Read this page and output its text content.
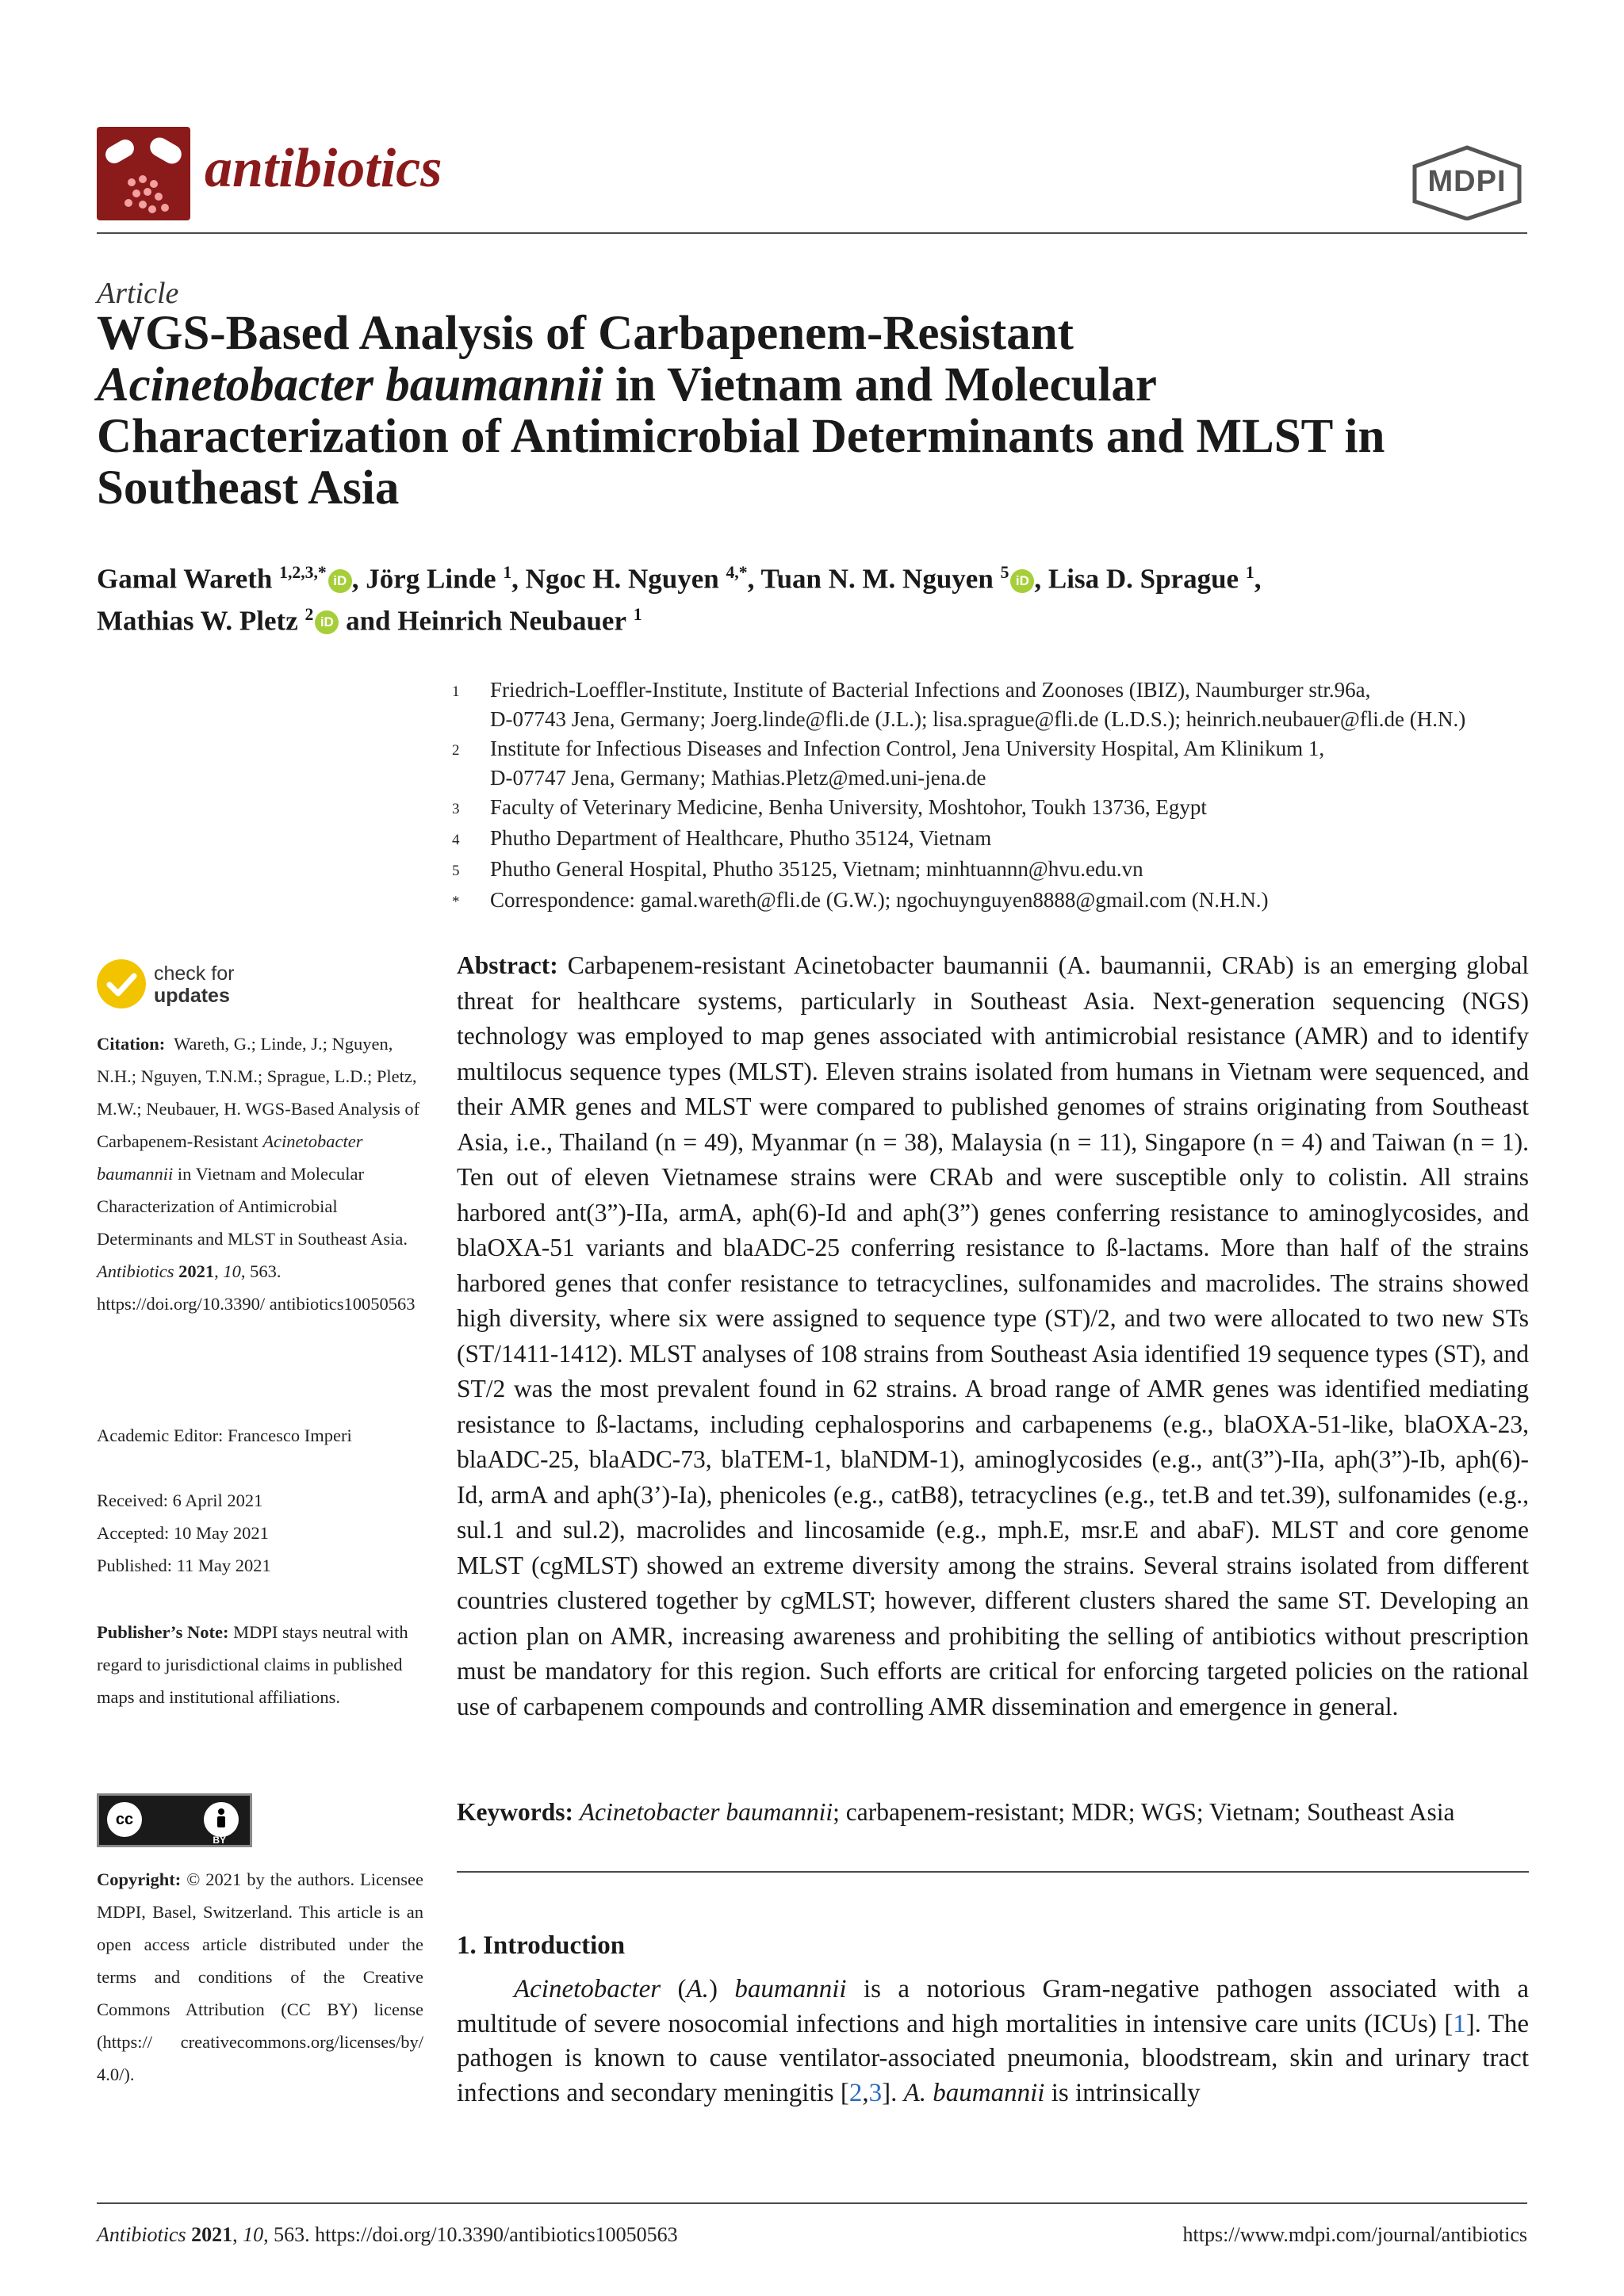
antibiotics	MDPI
Article
WGS-Based Analysis of Carbapenem-Resistant
Acinetobacter baumannii in Vietnam and Molecular
Characterization of Antimicrobial Determinants and MLST in
Southeast Asia
Gamal Wareth $^{1,2,3,*}$ iD , Jörg Linde $^1$, Ngoc H. Nguyen $^{4,*}$, Tuan N. M. Nguyen $^5$ iD , Lisa D. Sprague $^1$,
Mathias W. Pletz $^2$ iD and Heinrich Neubauer $^1$
1	Friedrich-Loeffler-Institute, Institute of Bacterial Infections and Zoonoses (IBIZ), Naumburger str.96a,
D-07743 Jena, Germany; Joerg.linde@fli.de (J.L.); lisa.sprague@fli.de (L.D.S.); heinrich.neubauer@fli.de (H.N.)
2	Institute for Infectious Diseases and Infection Control, Jena University Hospital, Am Klinikum 1,
D-07747 Jena, Germany; Mathias.Pletz@med.uni-jena.de
3	Faculty of Veterinary Medicine, Benha University, Moshtohor, Toukh 13736, Egypt
4	Phutho Department of Healthcare, Phutho 35124, Vietnam
5	Phutho General Hospital, Phutho 35125, Vietnam; minhtuannn@hvu.edu.vn
*	Correspondence: gamal.wareth@fli.de (G.W.); ngochuynguyen8888@gmail.com (N.H.N.)
check for
updates
Citation: Wareth, G.; Linde, J.; Nguyen, N.H.; Nguyen, T.N.M.; Sprague, L.D.; Pletz, M.W.; Neubauer, H. WGS-Based Analysis of Carbapenem-Resistant Acinetobacter baumannii in Vietnam and Molecular Characterization of Antimicrobial Determinants and MLST in Southeast Asia. Antibiotics 2021, 10, 563. https://doi.org/10.3390/ antibiotics10050563
Academic Editor: Francesco Imperi
Received: 6 April 2021
Accepted: 10 May 2021
Published: 11 May 2021
Publisher’s Note: MDPI stays neutral with regard to jurisdictional claims in published maps and institutional affiliations.
cc
BY
Copyright: © 2021 by the authors. Licensee MDPI, Basel, Switzerland. This article is an open access article distributed under the terms and conditions of the Creative Commons Attribution (CC BY) license (https:// creativecommons.org/licenses/by/ 4.0/).
Abstract: Carbapenem-resistant Acinetobacter baumannii (A. baumannii, CRAb) is an emerging global threat for healthcare systems, particularly in Southeast Asia. Next-generation sequencing (NGS) technology was employed to map genes associated with antimicrobial resistance (AMR) and to identify multilocus sequence types (MLST). Eleven strains isolated from humans in Vietnam were sequenced, and their AMR genes and MLST were compared to published genomes of strains originating from Southeast Asia, i.e., Thailand (n = 49), Myanmar (n = 38), Malaysia (n = 11), Singapore (n = 4) and Taiwan (n = 1). Ten out of eleven Vietnamese strains were CRAb and were susceptible only to colistin. All strains harbored ant(3”)-IIa, armA, aph(6)-Id and aph(3”) genes conferring resistance to aminoglycosides, and blaOXA-51 variants and blaADC-25 conferring resistance to ß-lactams. More than half of the strains harbored genes that confer resistance to tetracyclines, sulfonamides and macrolides. The strains showed high diversity, where six were assigned to sequence type (ST)/2, and two were allocated to two new STs (ST/1411-1412). MLST analyses of 108 strains from Southeast Asia identified 19 sequence types (ST), and ST/2 was the most prevalent found in 62 strains. A broad range of AMR genes was identified mediating resistance to ß-lactams, including cephalosporins and carbapenems (e.g., blaOXA-51-like, blaOXA-23, blaADC-25, blaADC-73, blaTEM-1, blaNDM-1), aminoglycosides (e.g., ant(3”)-IIa, aph(3”)-Ib, aph(6)-Id, armA and aph(3’)-Ia), phenicoles (e.g., catB8), tetracyclines (e.g., tet.B and tet.39), sulfonamides (e.g., sul.1 and sul.2), macrolides and lincosamide (e.g., mph.E, msr.E and abaF). MLST and core genome MLST (cgMLST) showed an extreme diversity among the strains. Several strains isolated from different countries clustered together by cgMLST; however, different clusters shared the same ST. Developing an action plan on AMR, increasing awareness and prohibiting the selling of antibiotics without prescription must be mandatory for this region. Such efforts are critical for enforcing targeted policies on the rational use of carbapenem compounds and controlling AMR dissemination and emergence in general.
Keywords: Acinetobacter baumannii; carbapenem-resistant; MDR; WGS; Vietnam; Southeast Asia
1. Introduction

Acinetobacter (A.) baumannii is a notorious Gram-negative pathogen associated with a multitude of severe nosocomial infections and high mortalities in intensive care units (ICUs) [1]. The pathogen is known to cause ventilator-associated pneumonia, bloodstream, skin and urinary tract infections and secondary meningitis [2,3]. A. baumannii is intrinsically

Antibiotics 2021, 10, 563. https://doi.org/10.3390/antibiotics10050563	https://www.mdpi.com/journal/antibiotics
